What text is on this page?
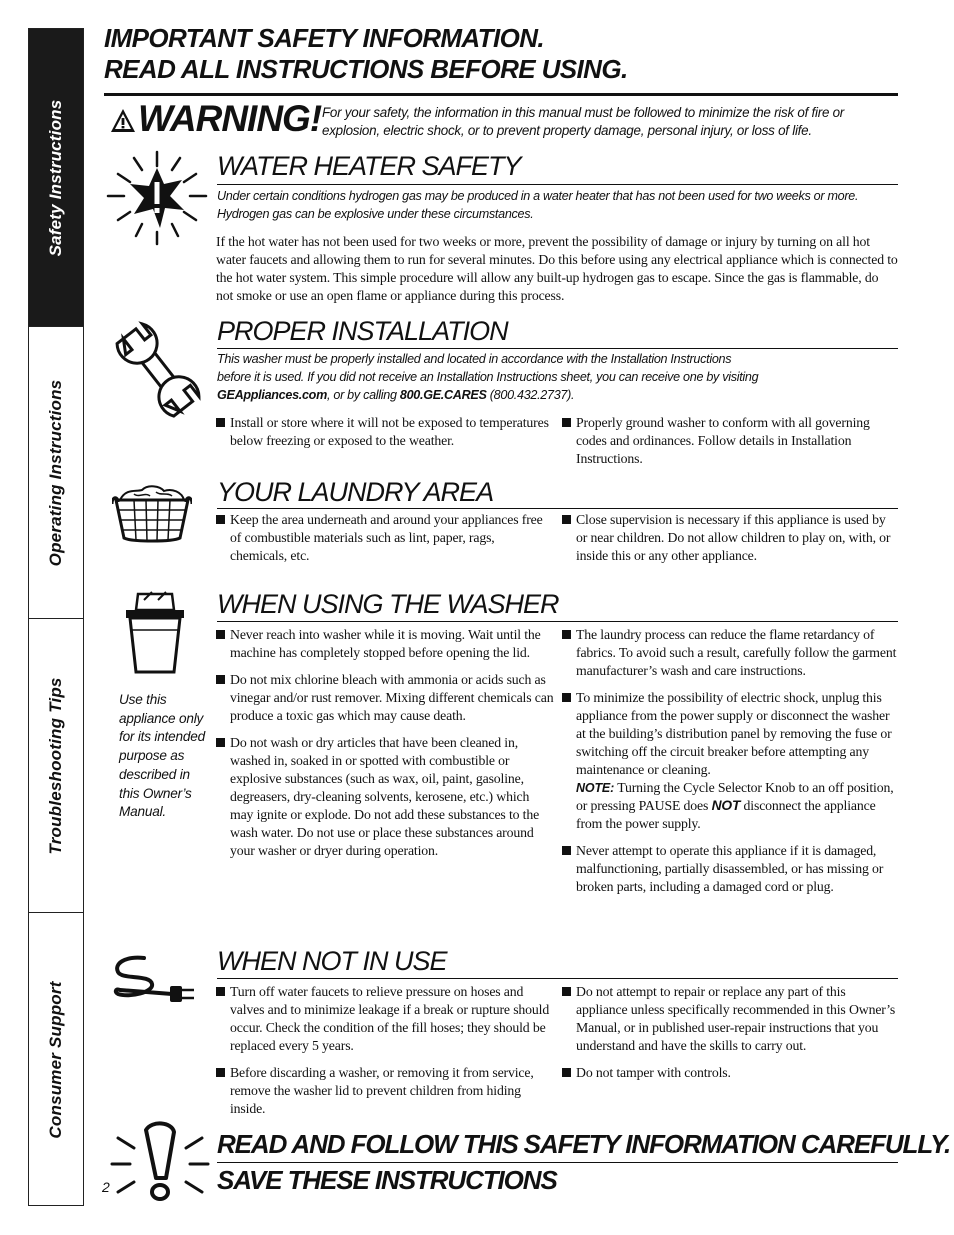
Safety Instructions
Operating Instructions
Troubleshooting Tips
Consumer Support
IMPORTANT SAFETY INFORMATION.
READ ALL INSTRUCTIONS BEFORE USING.
WARNING! For your safety, the information in this manual must be followed to minimize the risk of fire or explosion, electric shock, or to prevent property damage, personal injury, or loss of life.
WATER HEATER SAFETY
Under certain conditions hydrogen gas may be produced in a water heater that has not been used for two weeks or more. Hydrogen gas can be explosive under these circumstances.
If the hot water has not been used for two weeks or more, prevent the possibility of damage or injury by turning on all hot water faucets and allowing them to run for several minutes. Do this before using any electrical appliance which is connected to the hot water system. This simple procedure will allow any built-up hydrogen gas to escape. Since the gas is flammable, do not smoke or use an open flame or appliance during this process.
PROPER INSTALLATION
This washer must be properly installed and located in accordance with the Installation Instructions
before it is used. If you did not receive an Installation Instructions sheet, you can receive one by visiting
GEAppliances.com, or by calling 800.GE.CARES (800.432.2737).
Install or store where it will not be exposed to temperatures below freezing or exposed to the weather.
Properly ground washer to conform with all governing codes and ordinances. Follow details in Installation Instructions.
YOUR LAUNDRY AREA
Keep the area underneath and around your appliances free of combustible materials such as lint, paper, rags, chemicals, etc.
Close supervision is necessary if this appliance is used by or near children. Do not allow children to play on, with, or inside this or any other appliance.
WHEN USING THE WASHER
Use this appliance only for its intended purpose as described in this Owner’s Manual.
Never reach into washer while it is moving. Wait until the machine has completely stopped before opening the lid.
Do not mix chlorine bleach with ammonia or acids such as vinegar and/or rust remover. Mixing different chemicals can produce a toxic gas which may cause death.
Do not wash or dry articles that have been cleaned in, washed in, soaked in or spotted with combustible or explosive substances (such as wax, oil, paint, gasoline, degreasers, dry-cleaning solvents, kerosene, etc.) which may ignite or explode. Do not add these substances to the wash water. Do not use or place these substances around your washer or dryer during operation.
The laundry process can reduce the flame retardancy of fabrics. To avoid such a result, carefully follow the garment manufacturer’s wash and care instructions.
To minimize the possibility of electric shock, unplug this appliance from the power supply or disconnect the washer at the building’s distribution panel by removing the fuse or switching off the circuit breaker before attempting any maintenance or cleaning.
NOTE: Turning the Cycle Selector Knob to an off position, or pressing PAUSE does NOT disconnect the appliance from the power supply.
Never attempt to operate this appliance if it is damaged, malfunctioning, partially disassembled, or has missing or broken parts, including a damaged cord or plug.
WHEN NOT IN USE
Turn off water faucets to relieve pressure on hoses and valves and to minimize leakage if a break or rupture should occur. Check the condition of the fill hoses; they should be replaced every 5 years.
Before discarding a washer, or removing it from service, remove the washer lid to prevent children from hiding inside.
Do not attempt to repair or replace any part of this appliance unless specifically recommended in this Owner’s Manual, or in published user-repair instructions that you understand and have the skills to carry out.
Do not tamper with controls.
READ AND FOLLOW THIS SAFETY INFORMATION CAREFULLY.
SAVE THESE INSTRUCTIONS
2
